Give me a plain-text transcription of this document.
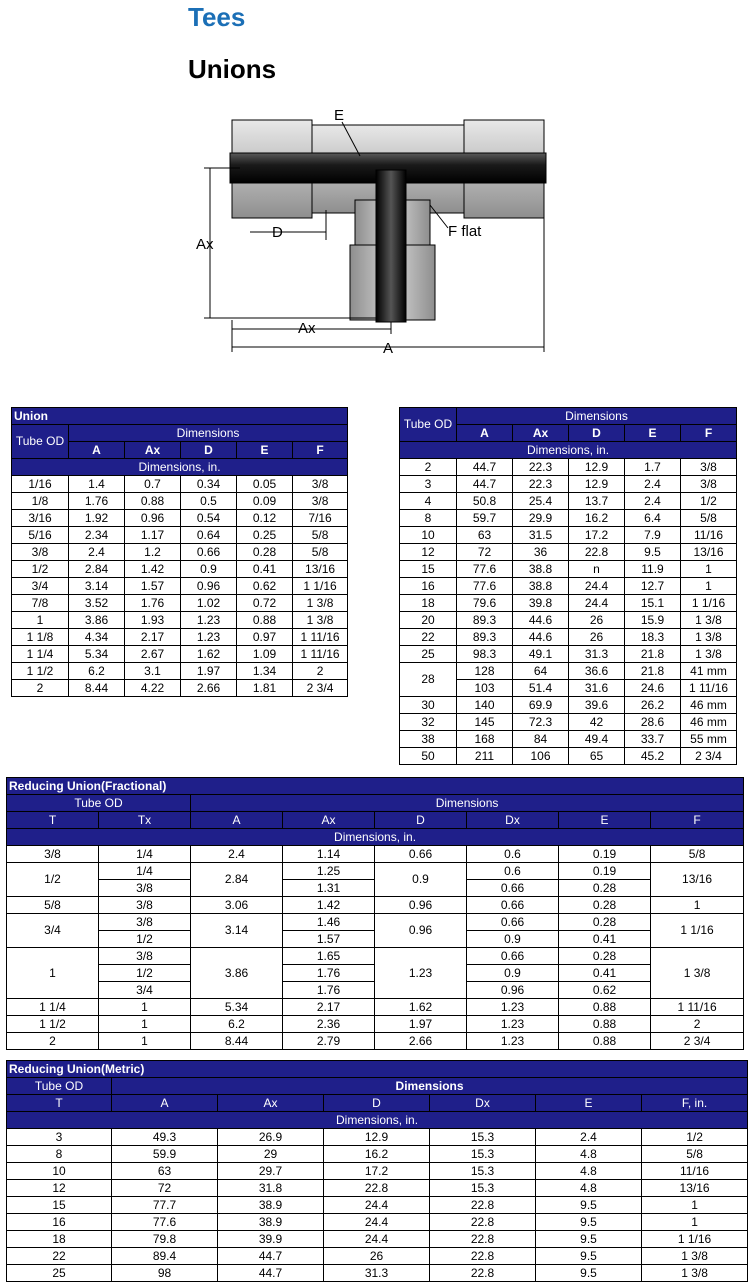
Tees
Unions
E
F flat
Ax
D
Ax
A
Union					
Tube OD	Dimensions				
	A	Ax	D	E	F
Dimensions, in.					
1/16	1.4	0.7	0.34	0.05	3/8
1/8	1.76	0.88	0.5	0.09	3/8
3/16	1.92	0.96	0.54	0.12	7/16
5/16	2.34	1.17	0.64	0.25	5/8
3/8	2.4	1.2	0.66	0.28	5/8
1/2	2.84	1.42	0.9	0.41	13/16
3/4	3.14	1.57	0.96	0.62	1 1/16
7/8	3.52	1.76	1.02	0.72	1 3/8
1	3.86	1.93	1.23	0.88	1 3/8
1 1/8	4.34	2.17	1.23	0.97	1 11/16
1 1/4	5.34	2.67	1.62	1.09	1 11/16
1 1/2	6.2	3.1	1.97	1.34	2
2	8.44	4.22	2.66	1.81	2 3/4
Tube OD	Dimensions				
	A	Ax	D	E	F
Dimensions, in.					
2	44.7	22.3	12.9	1.7	3/8
3	44.7	22.3	12.9	2.4	3/8
4	50.8	25.4	13.7	2.4	1/2
8	59.7	29.9	16.2	6.4	5/8
10	63	31.5	17.2	7.9	11/16
12	72	36	22.8	9.5	13/16
15	77.6	38.8	n	11.9	1
16	77.6	38.8	24.4	12.7	1
18	79.6	39.8	24.4	15.1	1 1/16
20	89.3	44.6	26	15.9	1 3/8
22	89.3	44.6	26	18.3	1 3/8
25	98.3	49.1	31.3	21.8	1 3/8
28	128	64	36.6	21.8	41 mm
	103	51.4	31.6	24.6	1 11/16
30	140	69.9	39.6	26.2	46 mm
32	145	72.3	42	28.6	46 mm
38	168	84	49.4	33.7	55 mm
50	211	106	65	45.2	2 3/4
Reducing Union(Fractional)							
Tube OD		Dimensions					
T	Tx	A	Ax	D	Dx	E	F
Dimensions, in.							
3/8	1/4	2.4	1.14	0.66	0.6	0.19	5/8
1/2	1/4	2.84	1.25	0.9	0.6	0.19	13/16
	3/8		1.31		0.66	0.28	
5/8	3/8	3.06	1.42	0.96	0.66	0.28	1
3/4	3/8	3.14	1.46	0.96	0.66	0.28	1 1/16
	1/2		1.57		0.9	0.41	
1	3/8	3.86	1.65	1.23	0.66	0.28	1 3/8
	1/2		1.76		0.9	0.41	
	3/4		1.76		0.96	0.62	
1 1/4	1	5.34	2.17	1.62	1.23	0.88	1 11/16
1 1/2	1	6.2	2.36	1.97	1.23	0.88	2
2	1	8.44	2.79	2.66	1.23	0.88	2 3/4
Reducing Union(Metric)						
Tube OD	Dimensions					
T	A	Ax	D	Dx	E	F, in.
Dimensions, in.						
3	49.3	26.9	12.9	15.3	2.4	1/2
8	59.9	29	16.2	15.3	4.8	5/8
10	63	29.7	17.2	15.3	4.8	11/16
12	72	31.8	22.8	15.3	4.8	13/16
15	77.7	38.9	24.4	22.8	9.5	1
16	77.6	38.9	24.4	22.8	9.5	1
18	79.8	39.9	24.4	22.8	9.5	1 1/16
22	89.4	44.7	26	22.8	9.5	1 3/8
25	98	44.7	31.3	22.8	9.5	1 3/8
